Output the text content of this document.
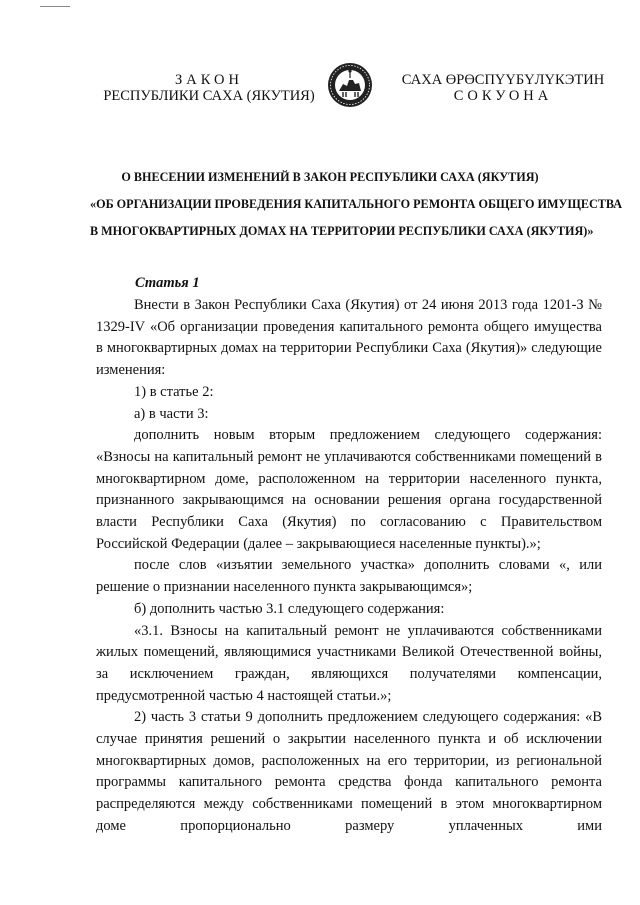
ЗАКОН
РЕСПУБЛИКИ САХА (ЯКУТИЯ)
САХА ӨРӨСПҮҮБҮЛҮКЭТИН
СОКУОНА
О ВНЕСЕНИИ ИЗМЕНЕНИЙ В ЗАКОН РЕСПУБЛИКИ САХА (ЯКУТИЯ)
«ОБ ОРГАНИЗАЦИИ ПРОВЕДЕНИЯ КАПИТАЛЬНОГО РЕМОНТА ОБЩЕГО ИМУЩЕСТВА
В МНОГОКВАРТИРНЫХ ДОМАХ НА ТЕРРИТОРИИ РЕСПУБЛИКИ САХА (ЯКУТИЯ)»
Статья 1

Внести в Закон Республики Саха (Якутия) от 24 июня 2013 года 1201-З № 1329-IV «Об организации проведения капитального ремонта общего имущества в многоквартирных домах на территории Республики Саха (Якутия)» следующие изменения:

1) в статье 2:

а) в части 3:

дополнить новым вторым предложением следующего содержания: «Взносы на капитальный ремонт не уплачиваются собственниками помещений в многоквартирном доме, расположенном на территории населенного пункта, признанного закрывающимся на основании решения органа государственной власти Республики Саха (Якутия) по согласованию с Правительством Российской Федерации (далее – закрывающиеся населенные пункты).»;

после слов «изъятии земельного участка» дополнить словами «, или решение о признании населенного пункта закрывающимся»;

б) дополнить частью 3.1 следующего содержания:

«3.1. Взносы на капитальный ремонт не уплачиваются собственниками жилых помещений, являющимися участниками Великой Отечественной войны, за исключением граждан, являющихся получателями компенсации, предусмотренной частью 4 настоящей статьи.»;

2) часть 3 статьи 9 дополнить предложением следующего содержания: «В случае принятия решений о закрытии населенного пункта и об исключении многоквартирных домов, расположенных на его территории, из региональной программы капитального ремонта средства фонда капитального ремонта распределяются между собственниками помещений в этом многоквартирном доме пропорционально размеру уплаченных ими
